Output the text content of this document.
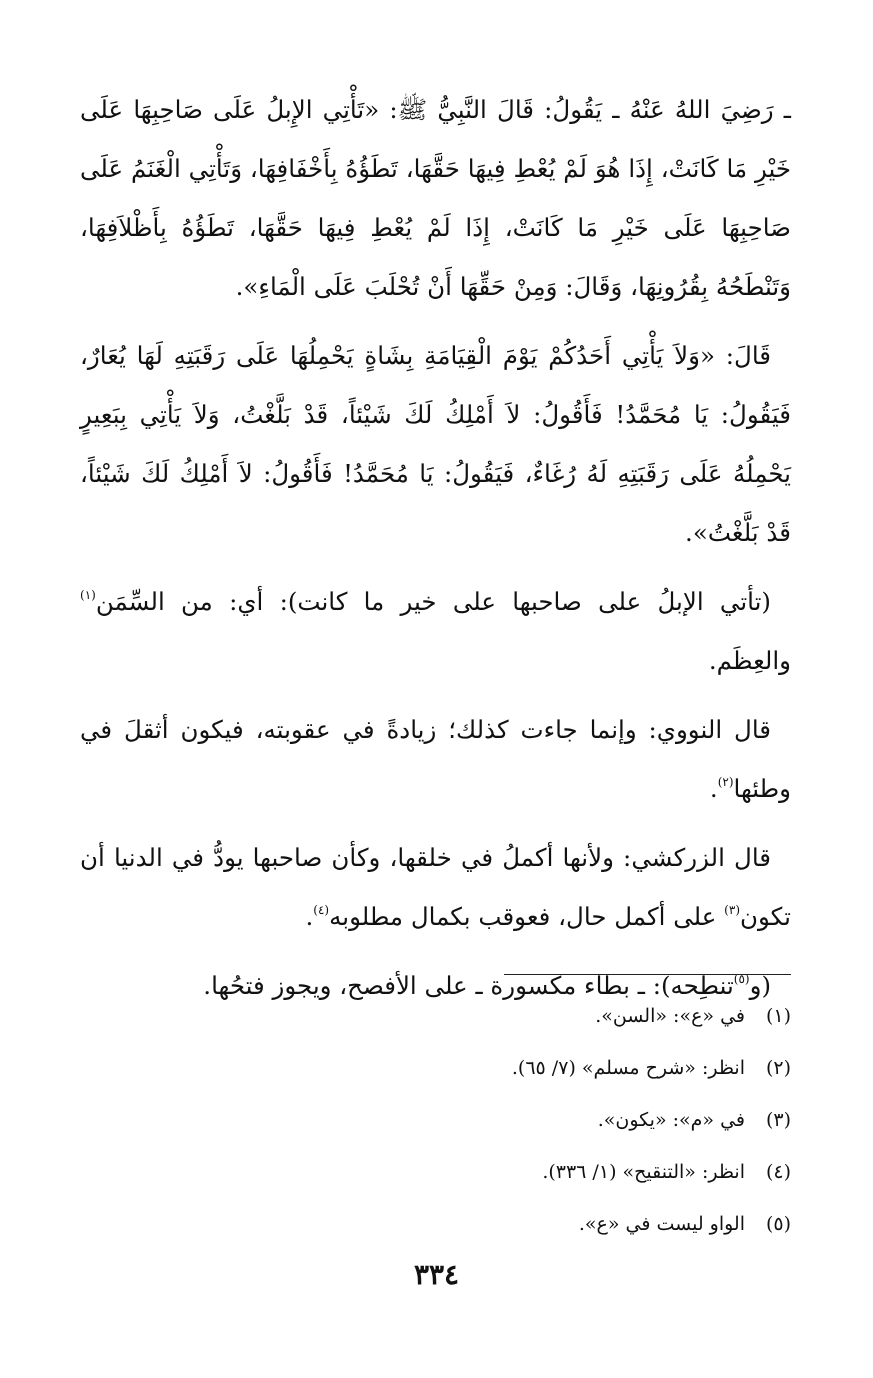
ـ رَضِيَ اللهُ عَنْهُ ـ يَقُولُ: قَالَ النَّبِيُّ ﷺ: «تَأْتِي الإِبلُ عَلَى صَاحِبِهَا عَلَى خَيْرِ مَا كَانَتْ، إِذَا هُوَ لَمْ يُعْطِ فِيهَا حَقَّهَا، تَطَؤُهُ بِأَخْفَافِهَا، وَتَأْتِي الْغَنَمُ عَلَى صَاحِبِهَا عَلَى خَيْرِ مَا كَانَتْ، إِذَا لَمْ يُعْطِ فِيهَا حَقَّهَا، تَطَؤُهُ بِأَظْلاَفِهَا، وَتَنْطَحُهُ بِقُرُونِهَا، وَقَالَ: وَمِنْ حَقِّهَا أَنْ تُحْلَبَ عَلَى الْمَاءِ».

قَالَ: «وَلاَ يَأْتِي أَحَدُكُمْ يَوْمَ الْقِيَامَةِ بِشَاةٍ يَحْمِلُهَا عَلَى رَقَبَتِهِ لَهَا يُعَارٌ، فَيَقُولُ: يَا مُحَمَّدُ! فَأَقُولُ: لاَ أَمْلِكُ لَكَ شَيْئاً، قَدْ بَلَّغْتُ، وَلاَ يَأْتِي بِبَعِيرٍ يَحْمِلُهُ عَلَى رَقَبَتِهِ لَهُ رُغَاءٌ، فَيَقُولُ: يَا مُحَمَّدُ! فَأَقُولُ: لاَ أَمْلِكُ لَكَ شَيْئاً، قَدْ بَلَّغْتُ».

(تأتي الإبلُ على صاحبها على خير ما كانت): أي: من السِّمَن$^{(١)}$ والعِظَم.

قال النووي: وإنما جاءت كذلك؛ زيادةً في عقوبته، فيكون أثقلَ في وطئها$^{(٢)}$.

قال الزركشي: ولأنها أكملُ في خلقها، وكأن صاحبها يودُّ في الدنيا أن تكون$^{(٣)}$ على أكمل حال، فعوقب بكمال مطلوبه$^{(٤)}$.

(و$^{(٥)}$تنطِحه): ـ بطاء مكسورة ـ على الأفصح، ويجوز فتحُها.

(١)
في «ع»: «السن».
(٢)
انظر: «شرح مسلم» (٧/ ٦٥).
(٣)
في «م»: «يكون».
(٤)
انظر: «التنقيح» (١/ ٣٣٦).
(٥)
الواو ليست في «ع».
٣٣٤
